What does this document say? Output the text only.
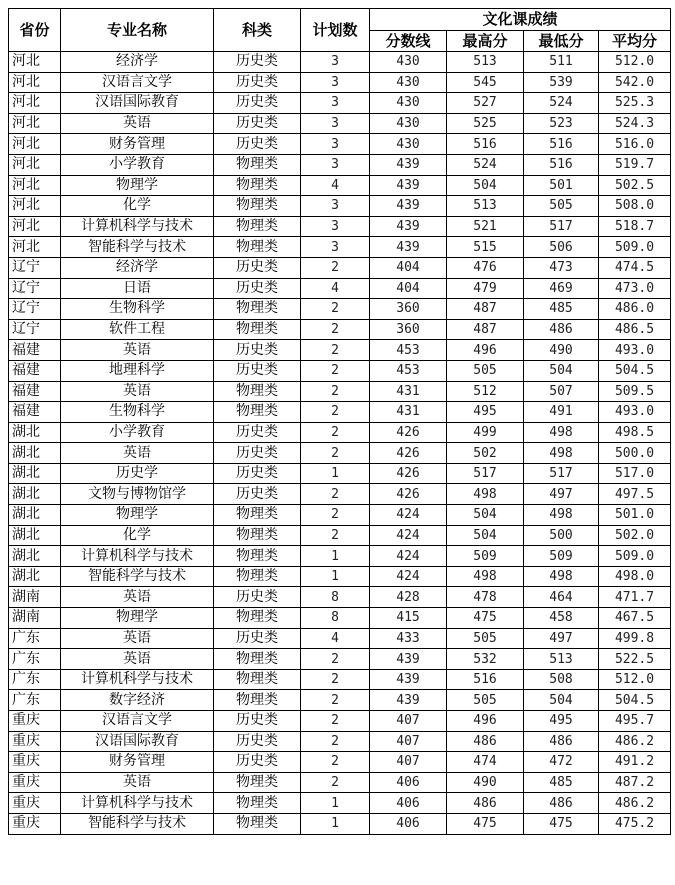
省份	专业名称	科类	计划数	文化课成绩			
				分数线	最高分	最低分	平均分
河北	经济学	历史类	3	430	513	511	512.0
河北	汉语言文学	历史类	3	430	545	539	542.0
河北	汉语国际教育	历史类	3	430	527	524	525.3
河北	英语	历史类	3	430	525	523	524.3
河北	财务管理	历史类	3	430	516	516	516.0
河北	小学教育	物理类	3	439	524	516	519.7
河北	物理学	物理类	4	439	504	501	502.5
河北	化学	物理类	3	439	513	505	508.0
河北	计算机科学与技术	物理类	3	439	521	517	518.7
河北	智能科学与技术	物理类	3	439	515	506	509.0
辽宁	经济学	历史类	2	404	476	473	474.5
辽宁	日语	历史类	4	404	479	469	473.0
辽宁	生物科学	物理类	2	360	487	485	486.0
辽宁	软件工程	物理类	2	360	487	486	486.5
福建	英语	历史类	2	453	496	490	493.0
福建	地理科学	历史类	2	453	505	504	504.5
福建	英语	物理类	2	431	512	507	509.5
福建	生物科学	物理类	2	431	495	491	493.0
湖北	小学教育	历史类	2	426	499	498	498.5
湖北	英语	历史类	2	426	502	498	500.0
湖北	历史学	历史类	1	426	517	517	517.0
湖北	文物与博物馆学	历史类	2	426	498	497	497.5
湖北	物理学	物理类	2	424	504	498	501.0
湖北	化学	物理类	2	424	504	500	502.0
湖北	计算机科学与技术	物理类	1	424	509	509	509.0
湖北	智能科学与技术	物理类	1	424	498	498	498.0
湖南	英语	历史类	8	428	478	464	471.7
湖南	物理学	物理类	8	415	475	458	467.5
广东	英语	历史类	4	433	505	497	499.8
广东	英语	物理类	2	439	532	513	522.5
广东	计算机科学与技术	物理类	2	439	516	508	512.0
广东	数字经济	物理类	2	439	505	504	504.5
重庆	汉语言文学	历史类	2	407	496	495	495.7
重庆	汉语国际教育	历史类	2	407	486	486	486.2
重庆	财务管理	历史类	2	407	474	472	491.2
重庆	英语	物理类	2	406	490	485	487.2
重庆	计算机科学与技术	物理类	1	406	486	486	486.2
重庆	智能科学与技术	物理类	1	406	475	475	475.2
